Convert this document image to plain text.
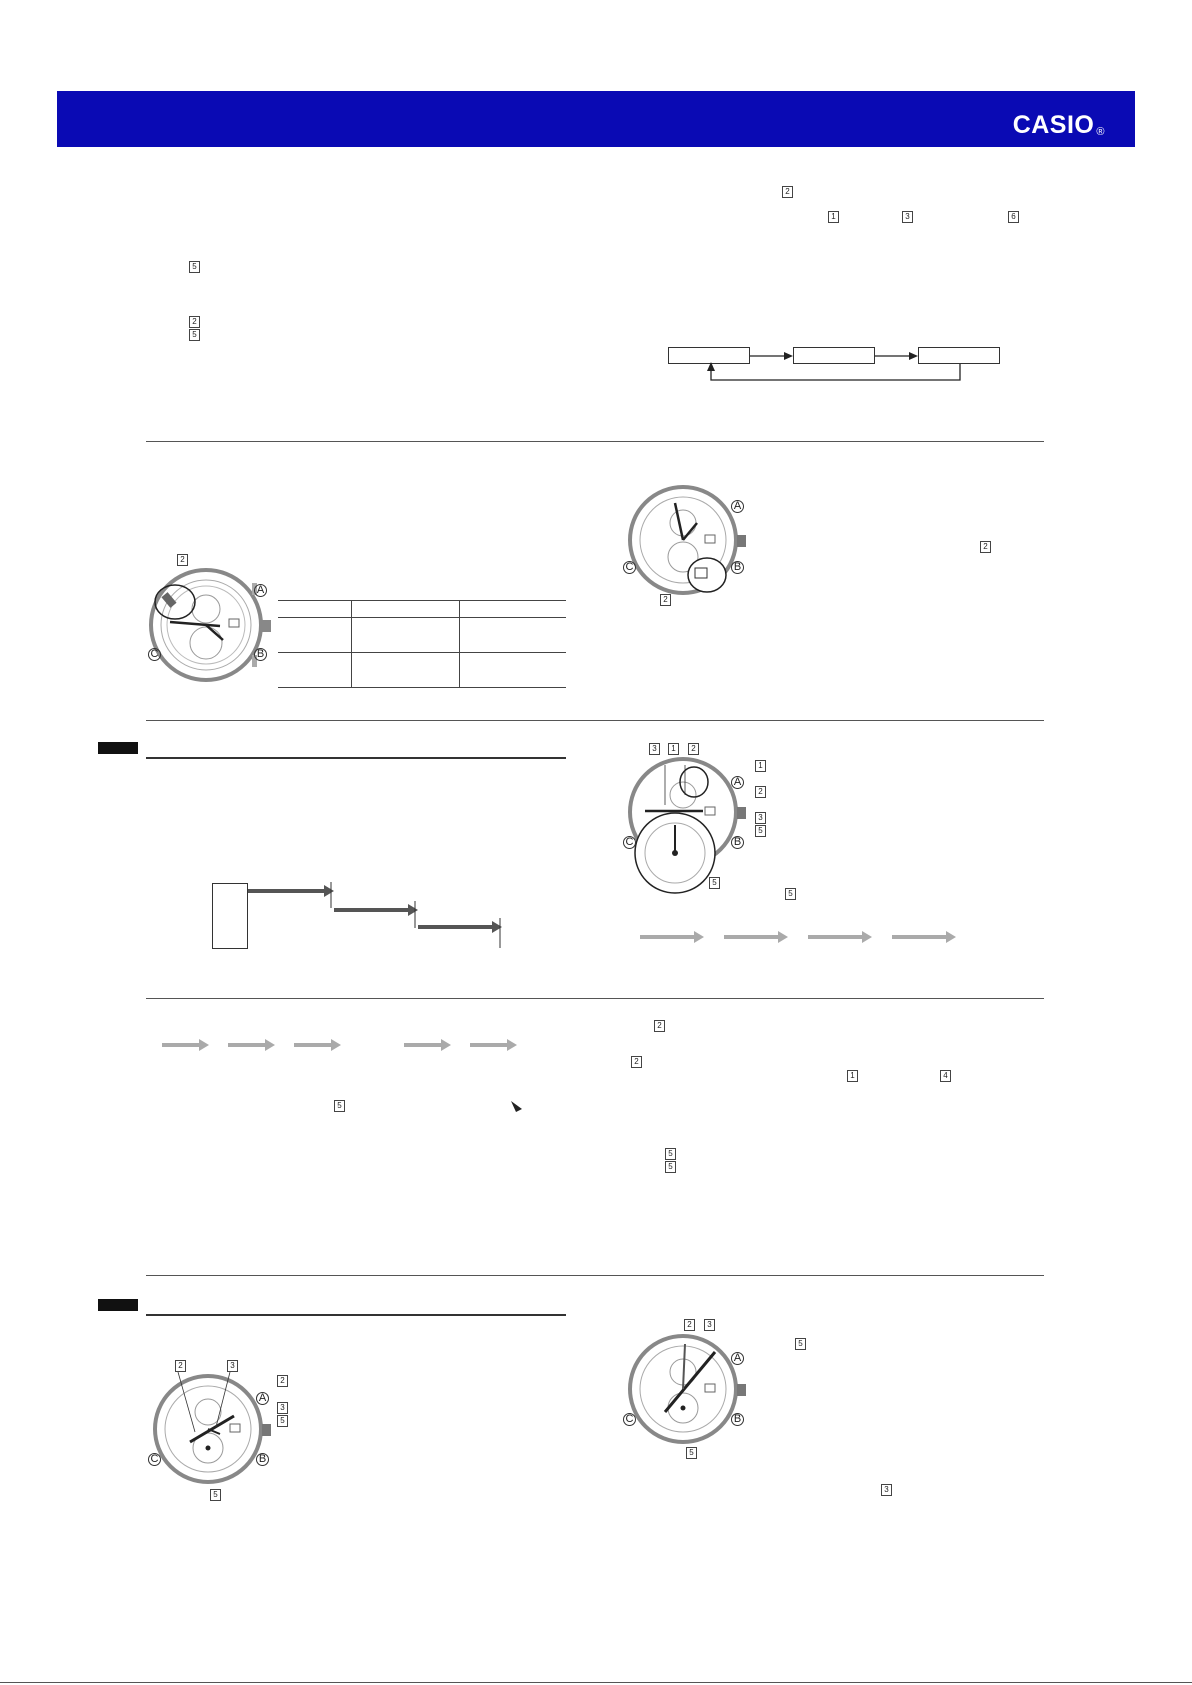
CASIO ®
5
2
5
2
1	3	6
2
A
B
C
A
B
C
2
2
3	1	2
A
B
C
5
1
2
3
5
5
5
2
2
1	4
5
5
2	3
A
B
C
5
2
3
5
2	3
A
B
C
5
5
3
